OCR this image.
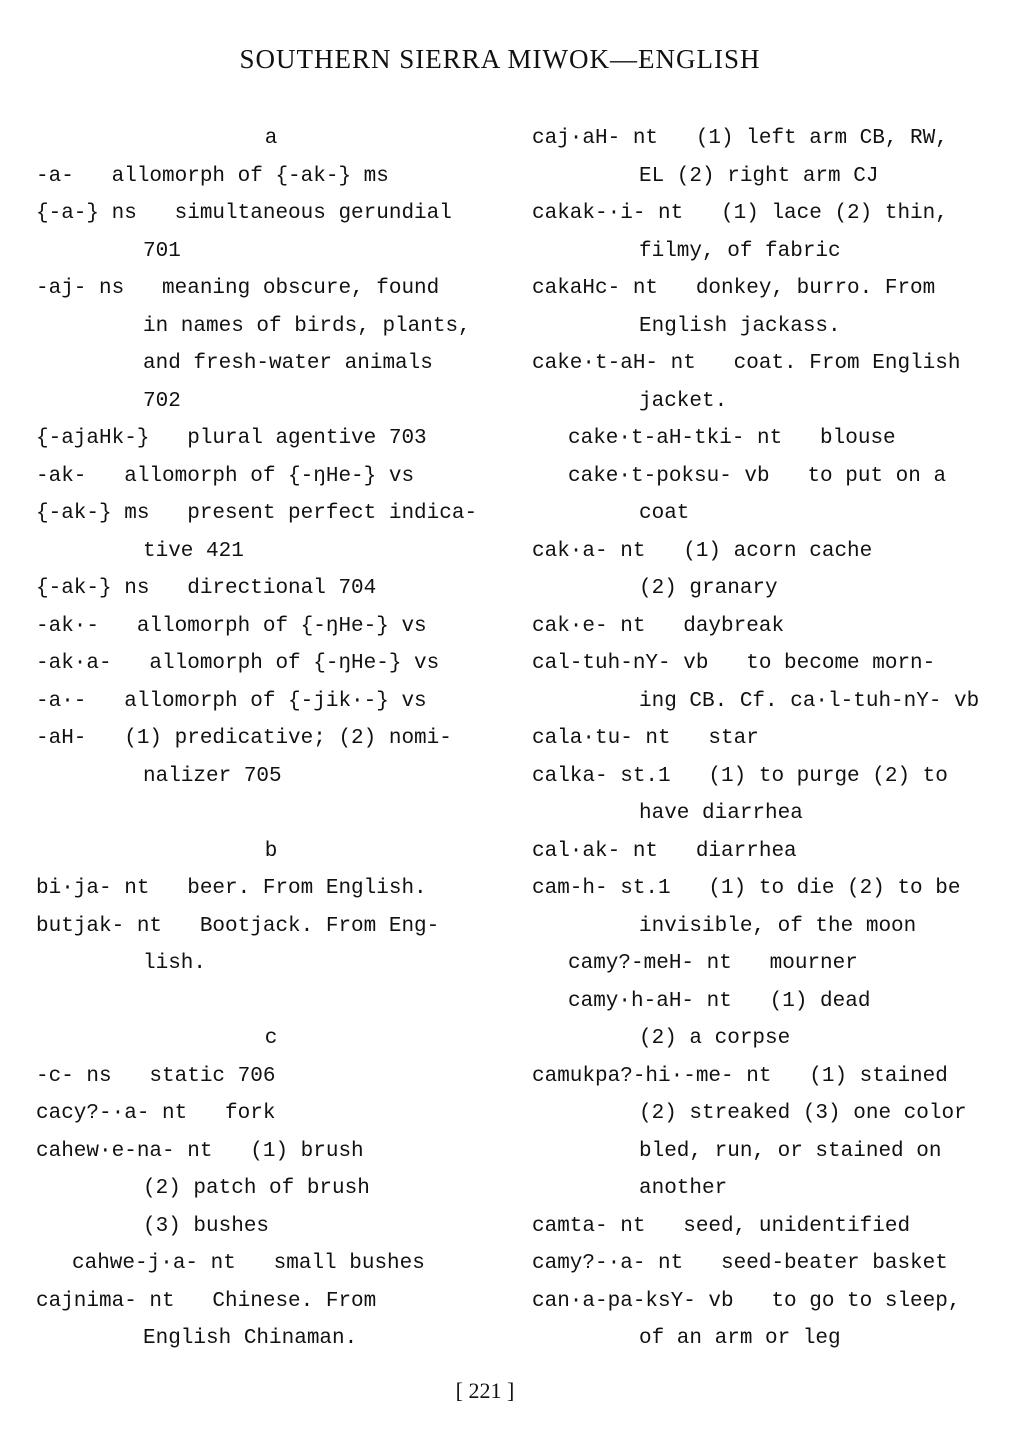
SOUTHERN SIERRA MIWOK—ENGLISH
a
-a-   allomorph of {-ak-} ms
{-a-} ns   simultaneous gerundial
701
-aj- ns   meaning obscure, found
in names of birds, plants,
and fresh-water animals
702
{-ajaHk-}   plural agentive 703
-ak-   allomorph of {-ŋHe-} vs
{-ak-} ms   present perfect indica-
tive 421
{-ak-} ns   directional 704
-ak·-   allomorph of {-ŋHe-} vs
-ak·a-   allomorph of {-ŋHe-} vs
-a·-   allomorph of {-jik·-} vs
-aH-   (1) predicative; (2) nomi-
nalizer 705
b
bi·ja- nt   beer. From English.
butjak- nt   Bootjack. From Eng-
lish.
c
-c- ns   static 706
cacy?-·a- nt   fork
cahew·e-na- nt   (1) brush
(2) patch of brush
(3) bushes
cahwe-j·a- nt   small bushes
cajnima- nt   Chinese. From
English Chinaman.
caj·aH- nt   (1) left arm CB, RW,
EL (2) right arm CJ
cakak-·i- nt   (1) lace (2) thin,
filmy, of fabric
cakaHc- nt   donkey, burro. From
English jackass.
cake·t-aH- nt   coat. From English
jacket.
cake·t-aH-tki- nt   blouse
cake·t-poksu- vb   to put on a
coat
cak·a- nt   (1) acorn cache
(2) granary
cak·e- nt   daybreak
cal-tuh-nY- vb   to become morn-
ing CB. Cf. ca·l-tuh-nY- vb
cala·tu- nt   star
calka- st.1   (1) to purge (2) to
have diarrhea
cal·ak- nt   diarrhea
cam-h- st.1   (1) to die (2) to be
invisible, of the moon
camy?-meH- nt   mourner
camy·h-aH- nt   (1) dead
(2) a corpse
camukpa?-hi·-me- nt   (1) stained
(2) streaked (3) one color
bled, run, or stained on
another
camta- nt   seed, unidentified
camy?-·a- nt   seed-beater basket
can·a-pa-ksY- vb   to go to sleep,
of an arm or leg
[ 221 ]
